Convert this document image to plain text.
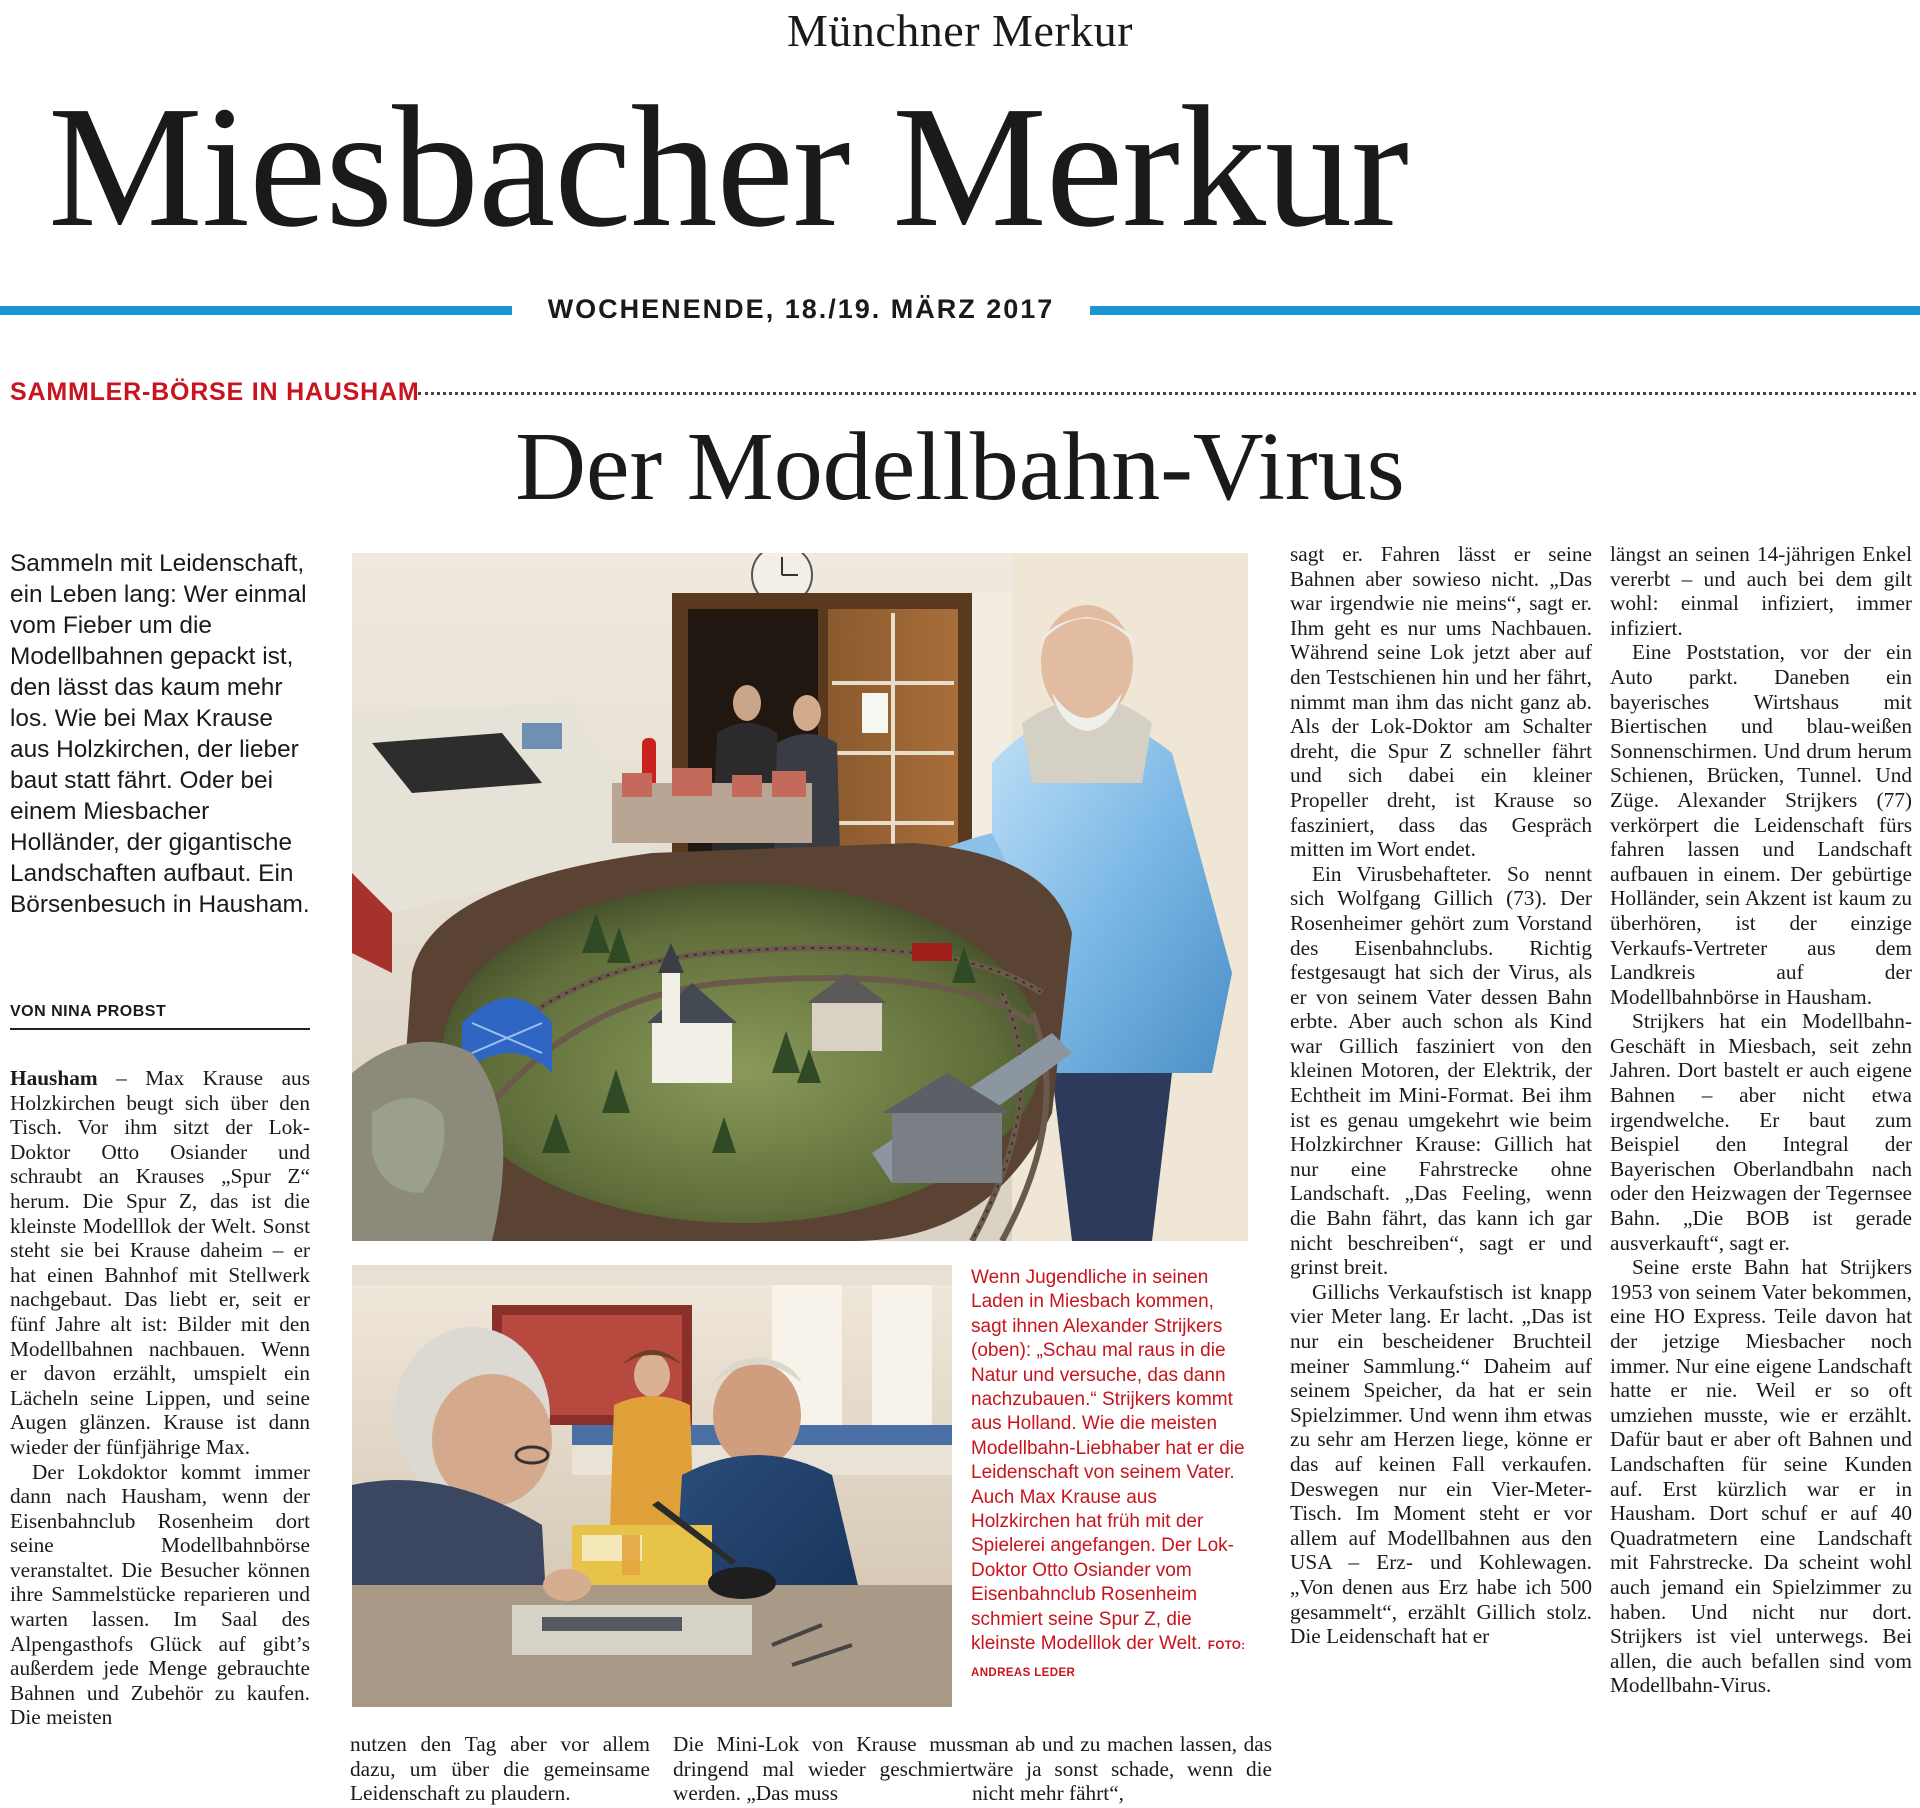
Münchner Merkur
Miesbacher Merkur
WOCHENENDE, 18./19. MÄRZ 2017
SAMMLER-BÖRSE IN HAUSHAM
Der Modellbahn-Virus
Sammeln mit Leidenschaft, ein Leben lang: Wer einmal vom Fieber um die Modellbahnen gepackt ist, den lässt das kaum mehr los. Wie bei Max Krause aus Holzkirchen, der lieber baut statt fährt. Oder bei einem Miesbacher Holländer, der gigantische Landschaften aufbaut. Ein Börsenbesuch in Hausham.
VON NINA PROBST

Hausham – Max Krause aus Holzkirchen beugt sich über den Tisch. Vor ihm sitzt der Lok-Doktor Otto Osiander und schraubt an Krauses „Spur Z“ herum. Die Spur Z, das ist die kleinste Modelllok der Welt. Sonst steht sie bei Krause daheim – er hat einen Bahnhof mit Stellwerk nachgebaut. Das liebt er, seit er fünf Jahre alt ist: Bilder mit den Modellbahnen nachbauen. Wenn er davon erzählt, umspielt ein Lächeln seine Lippen, und seine Augen glänzen. Krause ist dann wieder der fünfjährige Max.

Der Lokdoktor kommt immer dann nach Hausham, wenn der Eisenbahnclub Rosenheim dort seine Modellbahnbörse veranstaltet. Die Besucher können ihre Sammelstücke reparieren und warten lassen. Im Saal des Alpengasthofs Glück auf gibt’s außerdem jede Menge gebrauchte Bahnen und Zubehör zu kaufen. Die meisten

Wenn Jugendliche in seinen Laden in Miesbach kommen, sagt ihnen Alexander Strijkers (oben): „Schau mal raus in die Natur und versuche, das dann nachzubauen.“ Strijkers kommt aus Holland. Wie die meisten Modellbahn-Liebhaber hat er die Leidenschaft von seinem Vater. Auch Max Krause aus Holzkirchen hat früh mit der Spielerei angefangen. Der Lok-Doktor Otto Osiander vom Eisenbahnclub Rosenheim schmiert seine Spur Z, die kleinste Modelllok der Welt. FOTO: ANDREAS LEDER
nutzen den Tag aber vor allem dazu, um über die gemeinsame Leidenschaft zu plaudern.
Die Mini-Lok von Krause muss dringend mal wieder geschmiert werden. „Das muss
man ab und zu machen lassen, das wäre ja sonst schade, wenn die nicht mehr fährt“,

sagt er. Fahren lässt er seine Bahnen aber sowieso nicht. „Das war irgendwie nie meins“, sagt er. Ihm geht es nur ums Nachbauen. Während seine Lok jetzt aber auf den Testschienen hin und her fährt, nimmt man ihm das nicht ganz ab. Als der Lok-Doktor am Schalter dreht, die Spur Z schneller fährt und sich dabei ein kleiner Propeller dreht, ist Krause so fasziniert, dass das Gespräch mitten im Wort endet.

Ein Virusbehafteter. So nennt sich Wolfgang Gillich (73). Der Rosenheimer gehört zum Vorstand des Eisenbahnclubs. Richtig festgesaugt hat sich der Virus, als er von seinem Vater dessen Bahn erbte. Aber auch schon als Kind war Gillich fasziniert von den kleinen Motoren, der Elektrik, der Echtheit im Mini-Format. Bei ihm ist es genau umgekehrt wie beim Holzkirchner Krause: Gillich hat nur eine Fahrstrecke ohne Landschaft. „Das Feeling, wenn die Bahn fährt, das kann ich gar nicht beschreiben“, sagt er und grinst breit.

Gillichs Verkaufstisch ist knapp vier Meter lang. Er lacht. „Das ist nur ein bescheidener Bruchteil meiner Sammlung.“ Daheim auf seinem Speicher, da hat er sein Spielzimmer. Und wenn ihm etwas zu sehr am Herzen liege, könne er das auf keinen Fall verkaufen. Deswegen nur ein Vier-Meter-Tisch. Im Moment steht er vor allem auf Modellbahnen aus den USA – Erz- und Kohlewagen. „Von denen aus Erz habe ich 500 gesammelt“, erzählt Gillich stolz. Die Leidenschaft hat er

längst an seinen 14-jährigen Enkel vererbt – und auch bei dem gilt wohl: einmal infiziert, immer infiziert.

Eine Poststation, vor der ein Auto parkt. Daneben ein bayerisches Wirtshaus mit Biertischen und blau-weißen Sonnenschirmen. Und drum herum Schienen, Brücken, Tunnel. Und Züge. Alexander Strijkers (77) verkörpert die Leidenschaft fürs fahren lassen und Landschaft aufbauen in einem. Der gebürtige Holländer, sein Akzent ist kaum zu überhören, ist der einzige Verkaufs-Vertreter aus dem Landkreis auf der Modellbahnbörse in Hausham.

Strijkers hat ein Modellbahn-Geschäft in Miesbach, seit zehn Jahren. Dort bastelt er auch eigene Bahnen – aber nicht etwa irgendwelche. Er baut zum Beispiel den Integral der Bayerischen Oberlandbahn nach oder den Heizwagen der Tegernsee Bahn. „Die BOB ist gerade ausverkauft“, sagt er.

Seine erste Bahn hat Strijkers 1953 von seinem Vater bekommen, eine HO Express. Teile davon hat der jetzige Miesbacher noch immer. Nur eine eigene Landschaft hatte er nie. Weil er so oft umziehen musste, wie er erzählt. Dafür baut er aber oft Bahnen und Landschaften für seine Kunden auf. Erst kürzlich war er in Hausham. Dort schuf er auf 40 Quadratmetern eine Landschaft mit Fahrstrecke. Da scheint wohl auch jemand ein Spielzimmer zu haben. Und nicht nur dort. Strijkers ist viel unterwegs. Bei allen, die auch befallen sind vom Modellbahn-Virus.
